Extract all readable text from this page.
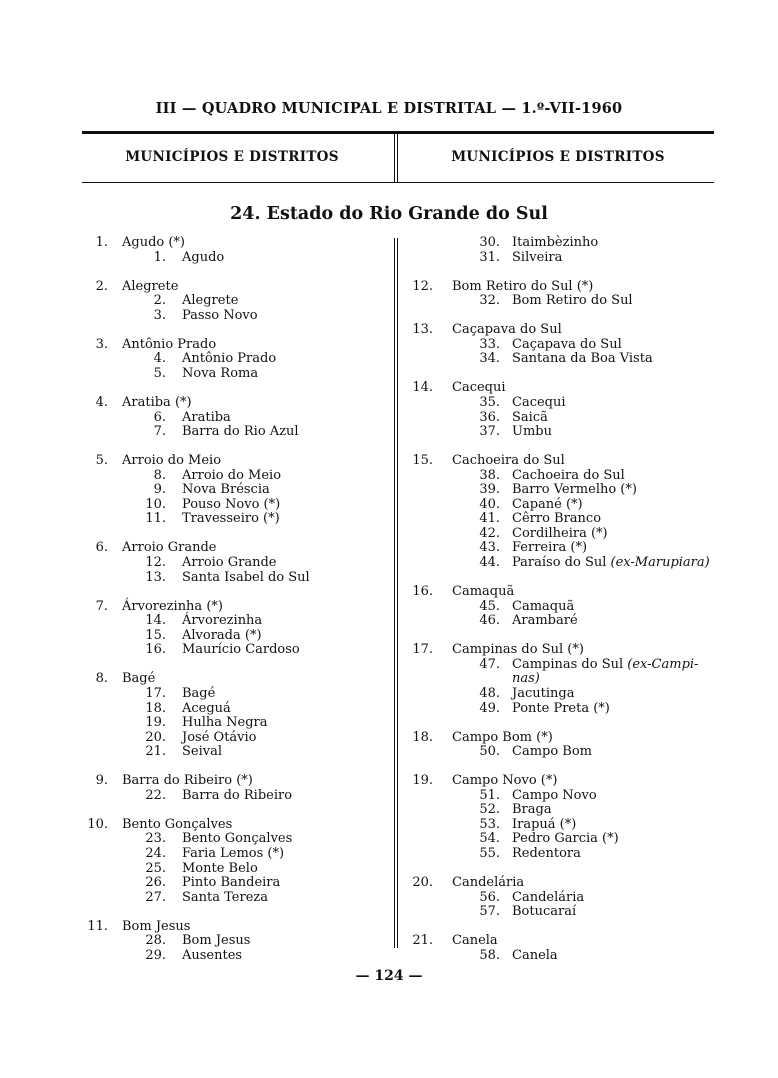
III — QUADRO MUNICIPAL E DISTRITAL — 1.º-VII-1960
MUNICÍPIOS E DISTRITOS	MUNICÍPIOS E DISTRITOS
24. Estado do Rio Grande do Sul
1. Agudo (*)
1. Agudo
2. Alegrete
2. Alegrete
3. Passo Novo
3. Antônio Prado
4. Antônio Prado
5. Nova Roma
4. Aratiba (*)
6. Aratiba
7. Barra do Rio Azul
5. Arroio do Meio
8. Arroio do Meio
9. Nova Bréscia
10. Pouso Novo (*)
11. Travesseiro (*)
6. Arroio Grande
12. Arroio Grande
13. Santa Isabel do Sul
7. Árvorezinha (*)
14. Árvorezinha
15. Alvorada (*)
16. Maurício Cardoso
8. Bagé
17. Bagé
18. Aceguá
19. Hulha Negra
20. José Otávio
21. Seival
9. Barra do Ribeiro (*)
22. Barra do Ribeiro
10. Bento Gonçalves
23. Bento Gonçalves
24. Faria Lemos (*)
25. Monte Belo
26. Pinto Bandeira
27. Santa Tereza
11. Bom Jesus
28. Bom Jesus
29. Ausentes
30. Itaimbèzinho
31. Silveira
12. Bom Retiro do Sul (*)
32. Bom Retiro do Sul
13. Caçapava do Sul
33. Caçapava do Sul
34. Santana da Boa Vista
14. Cacequi
35. Cacequi
36. Saicã
37. Umbu
15. Cachoeira do Sul
38. Cachoeira do Sul
39. Barro Vermelho (*)
40. Capané (*)
41. Cêrro Branco
42. Cordilheira (*)
43. Ferreira (*)
44. Paraíso do Sul (ex-Marupiara)
16. Camaquã
45. Camaquã
46. Arambaré
17. Campinas do Sul (*)
47. Campinas do Sul (ex-Campi-
nas)
48. Jacutinga
49. Ponte Preta (*)
18. Campo Bom (*)
50. Campo Bom
19. Campo Novo (*)
51. Campo Novo
52. Braga
53. Irapuá (*)
54. Pedro Garcia (*)
55. Redentora
20. Candelária
56. Candelária
57. Botucaraí
21. Canela
58. Canela
— 124 —
